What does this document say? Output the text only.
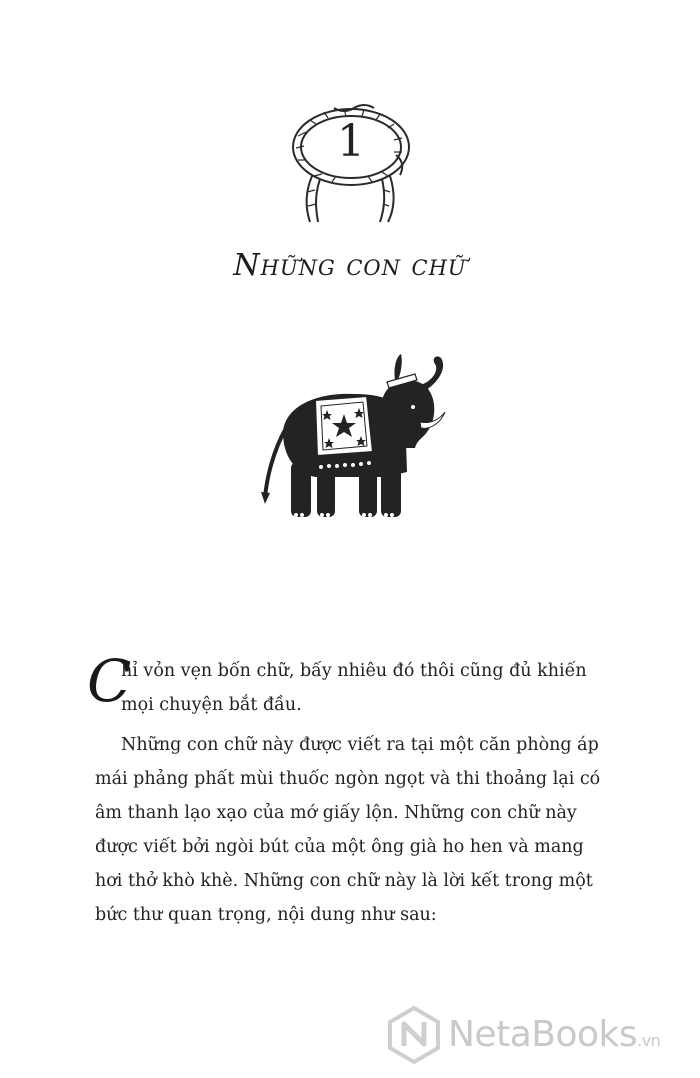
1
Những con chữ

C
hỉ vỏn vẹn bốn chữ, bấy nhiêu đó thôi cũng đủ khiến mọi chuyện bắt đầu.

Những con chữ này được viết ra tại một căn phòng áp mái phảng phất mùi thuốc ngòn ngọt và thi thoảng lại có âm thanh lạo xạo của mớ giấy lộn. Những con chữ này được viết bởi ngòi bút của một ông già ho hen và mang hơi thở khò khè. Những con chữ này là lời kết trong một bức thư quan trọng, nội dung như sau:

NetaBooks.vn
